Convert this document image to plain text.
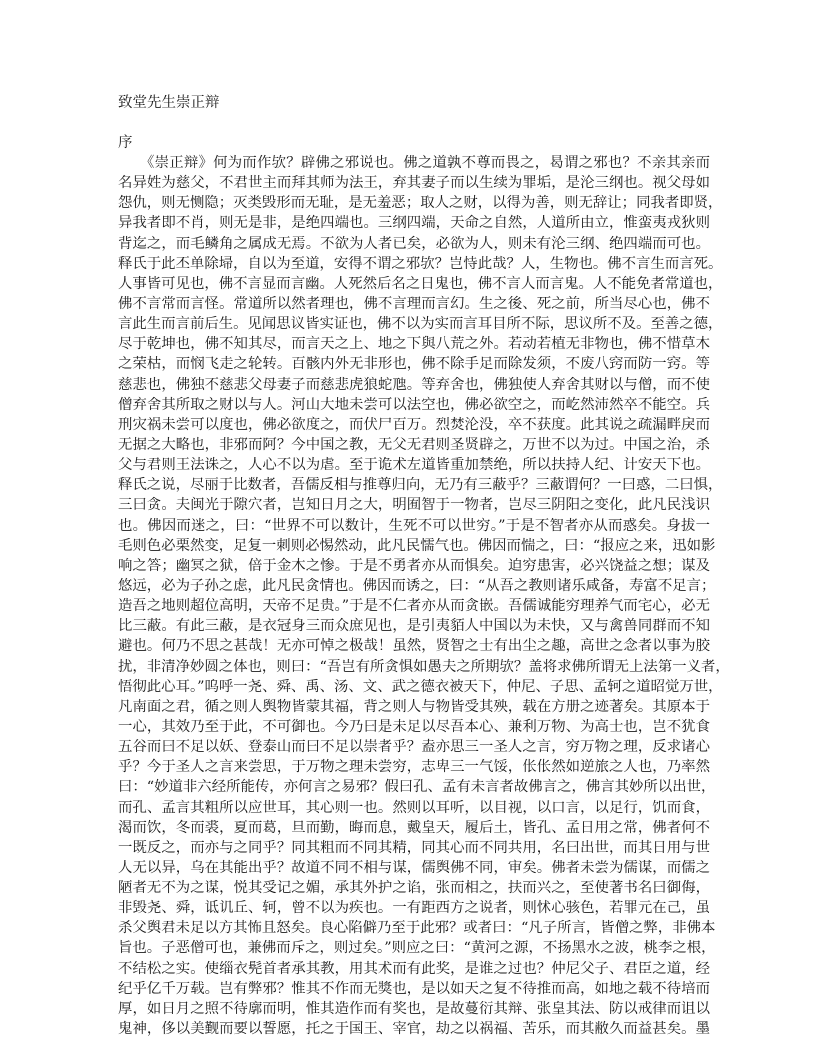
致堂先生崇正辩
序
　　《崇正辩》何为而作欤？辟佛之邪说也。佛之道孰不尊而畏之，曷谓之邪也？不亲其亲而
名异姓为慈父，不君世主而拜其师为法王，弃其妻子而以生续为罪垢，是沦三纲也。视父母如
怨仇，则无恻隐；灭类毁形而无耻，是无羞恶；取人之财，以得为善，则无辞让；同我者即贤，
异我者即不肖，则无是非，是绝四端也。三纲四端，天命之自然，人道所由立，惟蛮夷戎狄则
背迄之，而毛鳞角之属成无焉。不欲为人者已矣，必欲为人，则未有沦三纲、绝四端而可也。
释氏于此丕单除埽，自以为至道，安得不谓之邪欤？岂恃此哉？人，生物也。佛不言生而言死。
人事皆可见也，佛不言显而言幽。人死然后名之日鬼也，佛不言人而言鬼。人不能免者常道也，
佛不言常而言怪。常道所以然者理也，佛不言理而言幻。生之後、死之前，所当尽心也，佛不
言此生而言前后生。见闻思议皆实证也，佛不以为实而言耳目所不际，思议所不及。至善之德，
尽于乾坤也，佛不知其尽，而言天之上、地之下與八荒之外。若动若植无非物也，佛不惜草木
之荣枯，而悯飞走之轮转。百骸内外无非形也，佛不除手足而除发须，不废八窍而防一窍。等
慈悲也，佛独不慈悲父母妻子而慈悲虎狼蛇虺。等弃舍也，佛独使人弃舍其财以与僧，而不使
僧弃舍其所取之财以与人。河山大地未尝可以法空也，佛必欲空之，而屹然沛然卒不能空。兵
刑灾祸未尝可以度也，佛必欲度之，而伏尸百万。烈焚沦没，卒不获度。此其说之疏漏畔戾而
无据之大略也，非邪而阿？今中国之教，无父无君则圣贤辟之，万世不以为过。中国之治，杀
父与君则王法诛之，人心不以为虐。至于诡术左道皆重加禁绝，所以扶持人纪、计安天下也。
释氏之说，尽丽于比数者，吾儒反相与推尊归向，无乃有三蔽乎？三蔽谓何？一曰惑，二曰惧，
三曰贪。夫闽光于隙穴者，岂知日月之大，明囿智于一物者，岂尽三阴阳之变化，此凡民浅识
也。佛因而迷之，曰：“世界不可以数计，生死不可以世穷。”于是不智者亦从而惑矣。身拔一
毛则色必栗然变，足复一刺则必惕然动，此凡民懦气也。佛因而惴之，曰：“报应之来，迅如影
响之答；幽冥之狱，倍于金木之惨。于是不勇者亦从而惧矣。迫穷患害，必兴饶益之想；谋及
悠远，必为子孙之虑，此凡民贪情也。佛因而诱之，曰：“从吾之教则诸乐咸备，寿富不足言；
造吾之地则超位高明，天帝不足贵。”于是不仁者亦从而贪嵌。吾儒诚能穷理养气而宅心，必无
比三蔽。有此三蔽，是衣冠身三而众庶见也，是引夷貊人中国以为未快，又与禽兽同群而不知
避也。何乃不思之甚哉！无亦可悼之极哉！虽然，贤智之士有出尘之趣，高世之念者以事为胶
扰，非清净妙圆之体也，则曰：“吾岂有所贪惧如愚夫之所期欤？盖将求佛所谓无上法第一义者，
悟彻此心耳。”呜呼一尧、舜、禹、汤、文、武之德衣被天下，仲尼、子思、孟轲之道昭觉万世，
凡南面之君，循之则人舆物皆蒙其福，背之则人与物皆受其殃，载在方册之迹著矣。其原本于
一心，其效乃至于此，不可御也。今乃曰是未足以尽吾本心、兼利万物、为高士也，岂不犹食
五谷而曰不足以妖、登泰山而曰不足以崇者乎？盍亦思三一圣人之言，穷万物之理，反求诸心
乎？今于圣人之言来尝思，于万物之理未尝穷，志卑三一气馁，伥伥然如逆旅之人也，乃率然
曰：“妙道非六经所能传，亦何言之易邪？假曰孔、孟有未言者故佛言之，佛言其妙所以出世，
而孔、孟言其粗所以应世耳，其心则一也。然则以耳听，以目视，以口言，以足行，饥而食，
渴而饮，冬而裘，夏而葛，旦而勤，晦而息，戴皇天，履后土，皆孔、孟日用之常，佛者何不
一既反之，而亦与之同乎？同其粗而不同其精，同其心而不同共用，名曰出世，而其日用与世
人无以异，乌在其能出乎？故道不同不相与谋，儒舆佛不同，审矣。佛者未尝为儒谋，而儒之
陋者无不为之谋，悦其受记之媚，承其外护之谄，张而相之，扶而兴之，至使著书名曰御侮，
非毁尧、舜，诋讥丘、轲，曾不以为疾也。一有距西方之说者，则怵心骇色，若罪元在己，虽
杀父舆君未足以方其怖且怒矣。良心陷僻乃至于此邪？或者曰：“凡子所言，皆僧之弊，非佛本
旨也。子恶僧可也，兼佛而斥之，则过矣。”则应之曰：“黄河之源，不扬黑水之波，桃李之根，
不结松之实。使缁衣髡首者承其教，用其术而有此奖，是谁之过也？仲尼父子、君臣之道，经
纪乎亿千万载。岂有弊邪？惟其不作而无獎也，是以如天之复不待推而高，如地之载不待培而
厚，如日月之照不待廓而明，惟其造作而有奖也，是故蔓衍其辩、张皇其法、防以戒律而诅以
鬼神，侈以美觐而要以誓愿，托之于国王、宰官，劫之以祸福、苦乐，而其敝久而益甚矣。墨
